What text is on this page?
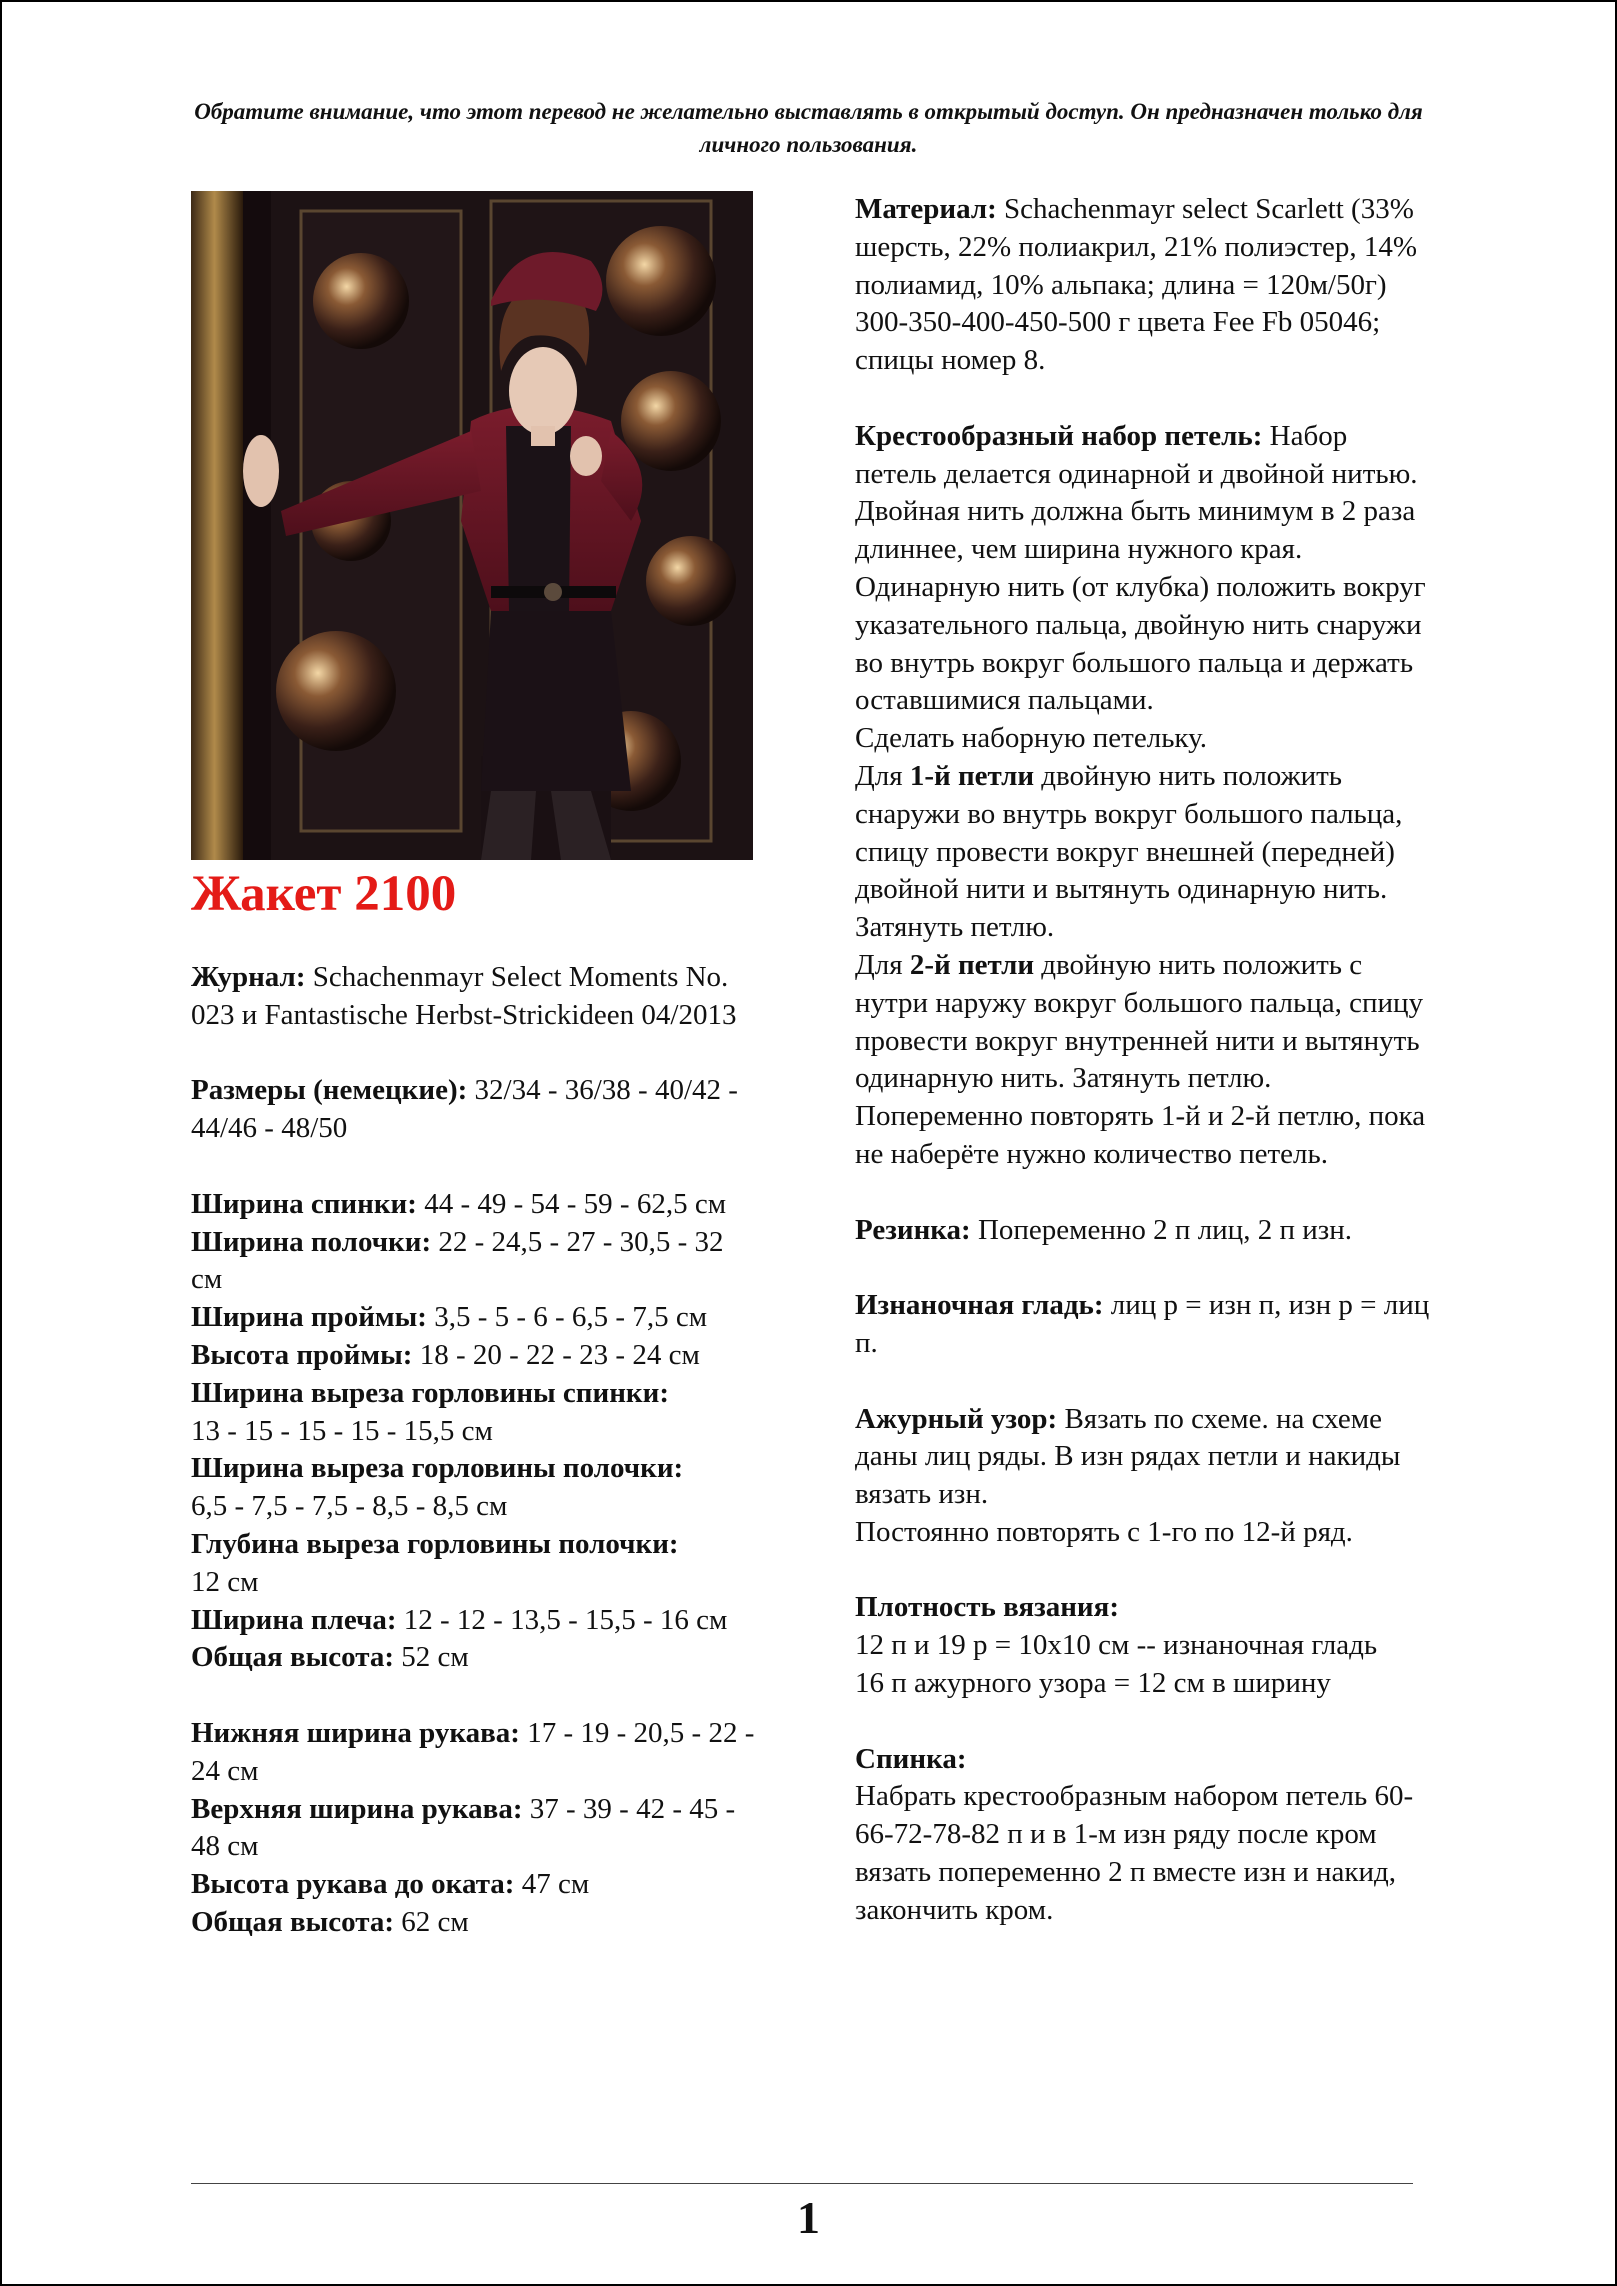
Обратите внимание, что этот перевод не желательно выставлять в открытый доступ. Он предназначен только для личного пользования.

Жакет 2100

Журнал: Schachenmayr Select Moments No. 023 и Fantastische Herbst-Strickideen 04/2013

Размеры (немецкие): 32/34 - 36/38 - 40/42 - 44/46 - 48/50

Ширина спинки: 44 - 49 - 54 - 59 - 62,5 см

Ширина полочки: 22 - 24,5 - 27 - 30,5 - 32 см

Ширина проймы: 3,5 - 5 - 6 - 6,5 - 7,5 см

Высота проймы: 18 - 20 - 22 - 23 - 24 см

Ширина выреза горловины спинки:
13 - 15 - 15 - 15 - 15,5 см

Ширина выреза горловины полочки:
6,5 - 7,5 - 7,5 - 8,5 - 8,5 см

Глубина выреза горловины полочки:
12 см

Ширина плеча: 12 - 12 - 13,5 - 15,5 - 16 см

Общая высота: 52 см

Нижняя ширина рукава: 17 - 19 - 20,5 - 22 - 24 см

Верхняя ширина рукава: 37 - 39 - 42 - 45 - 48 см

Высота рукава до оката: 47 см

Общая высота: 62 см

Материал: Schachenmayr select Scarlett (33% шерсть, 22% полиакрил, 21% полиэстер, 14% полиамид, 10% альпака; длина = 120м/50г) 300-350-400-450-500 г цвета Fee Fb 05046; спицы номер 8.

Крестообразный набор петель: Набор петель делается одинарной и двойной нитью. Двойная нить должна быть минимум в 2 раза длиннее, чем ширина нужного края.

Одинарную нить (от клубка) положить вокруг указательного пальца, двойную нить снаружи во внутрь вокруг большого пальца и держать оставшимися пальцами.

Сделать наборную петельку.

Для 1-й петли двойную нить положить снаружи во внутрь вокруг большого пальца, спицу провести вокруг внешней (передней) двойной нити и вытянуть одинарную нить. Затянуть петлю.

Для 2-й петли двойную нить положить с нутри наружу вокруг большого пальца, спицу провести вокруг внутренней нити и вытянуть одинарную нить. Затянуть петлю.

Попеременно повторять 1-й и 2-й петлю, пока не наберёте нужно количество петель.

Резинка: Попеременно 2 п лиц, 2 п изн.

Изнаночная гладь: лиц р = изн п, изн р = лиц п.

Ажурный узор: Вязать по схеме. на схеме даны лиц ряды. В изн рядах петли и накиды вязать изн.

Постоянно повторять с 1-го по 12-й ряд.

Плотность вязания:

12 п и 19 р = 10х10 см -- изнаночная гладь

16 п ажурного узора = 12 см в ширину

Спинка:

Набрать крестообразным набором петель 60-66-72-78-82 п и в 1-м изн ряду после кром вязать попеременно 2 п вместе изн и накид, закончить кром.

1
